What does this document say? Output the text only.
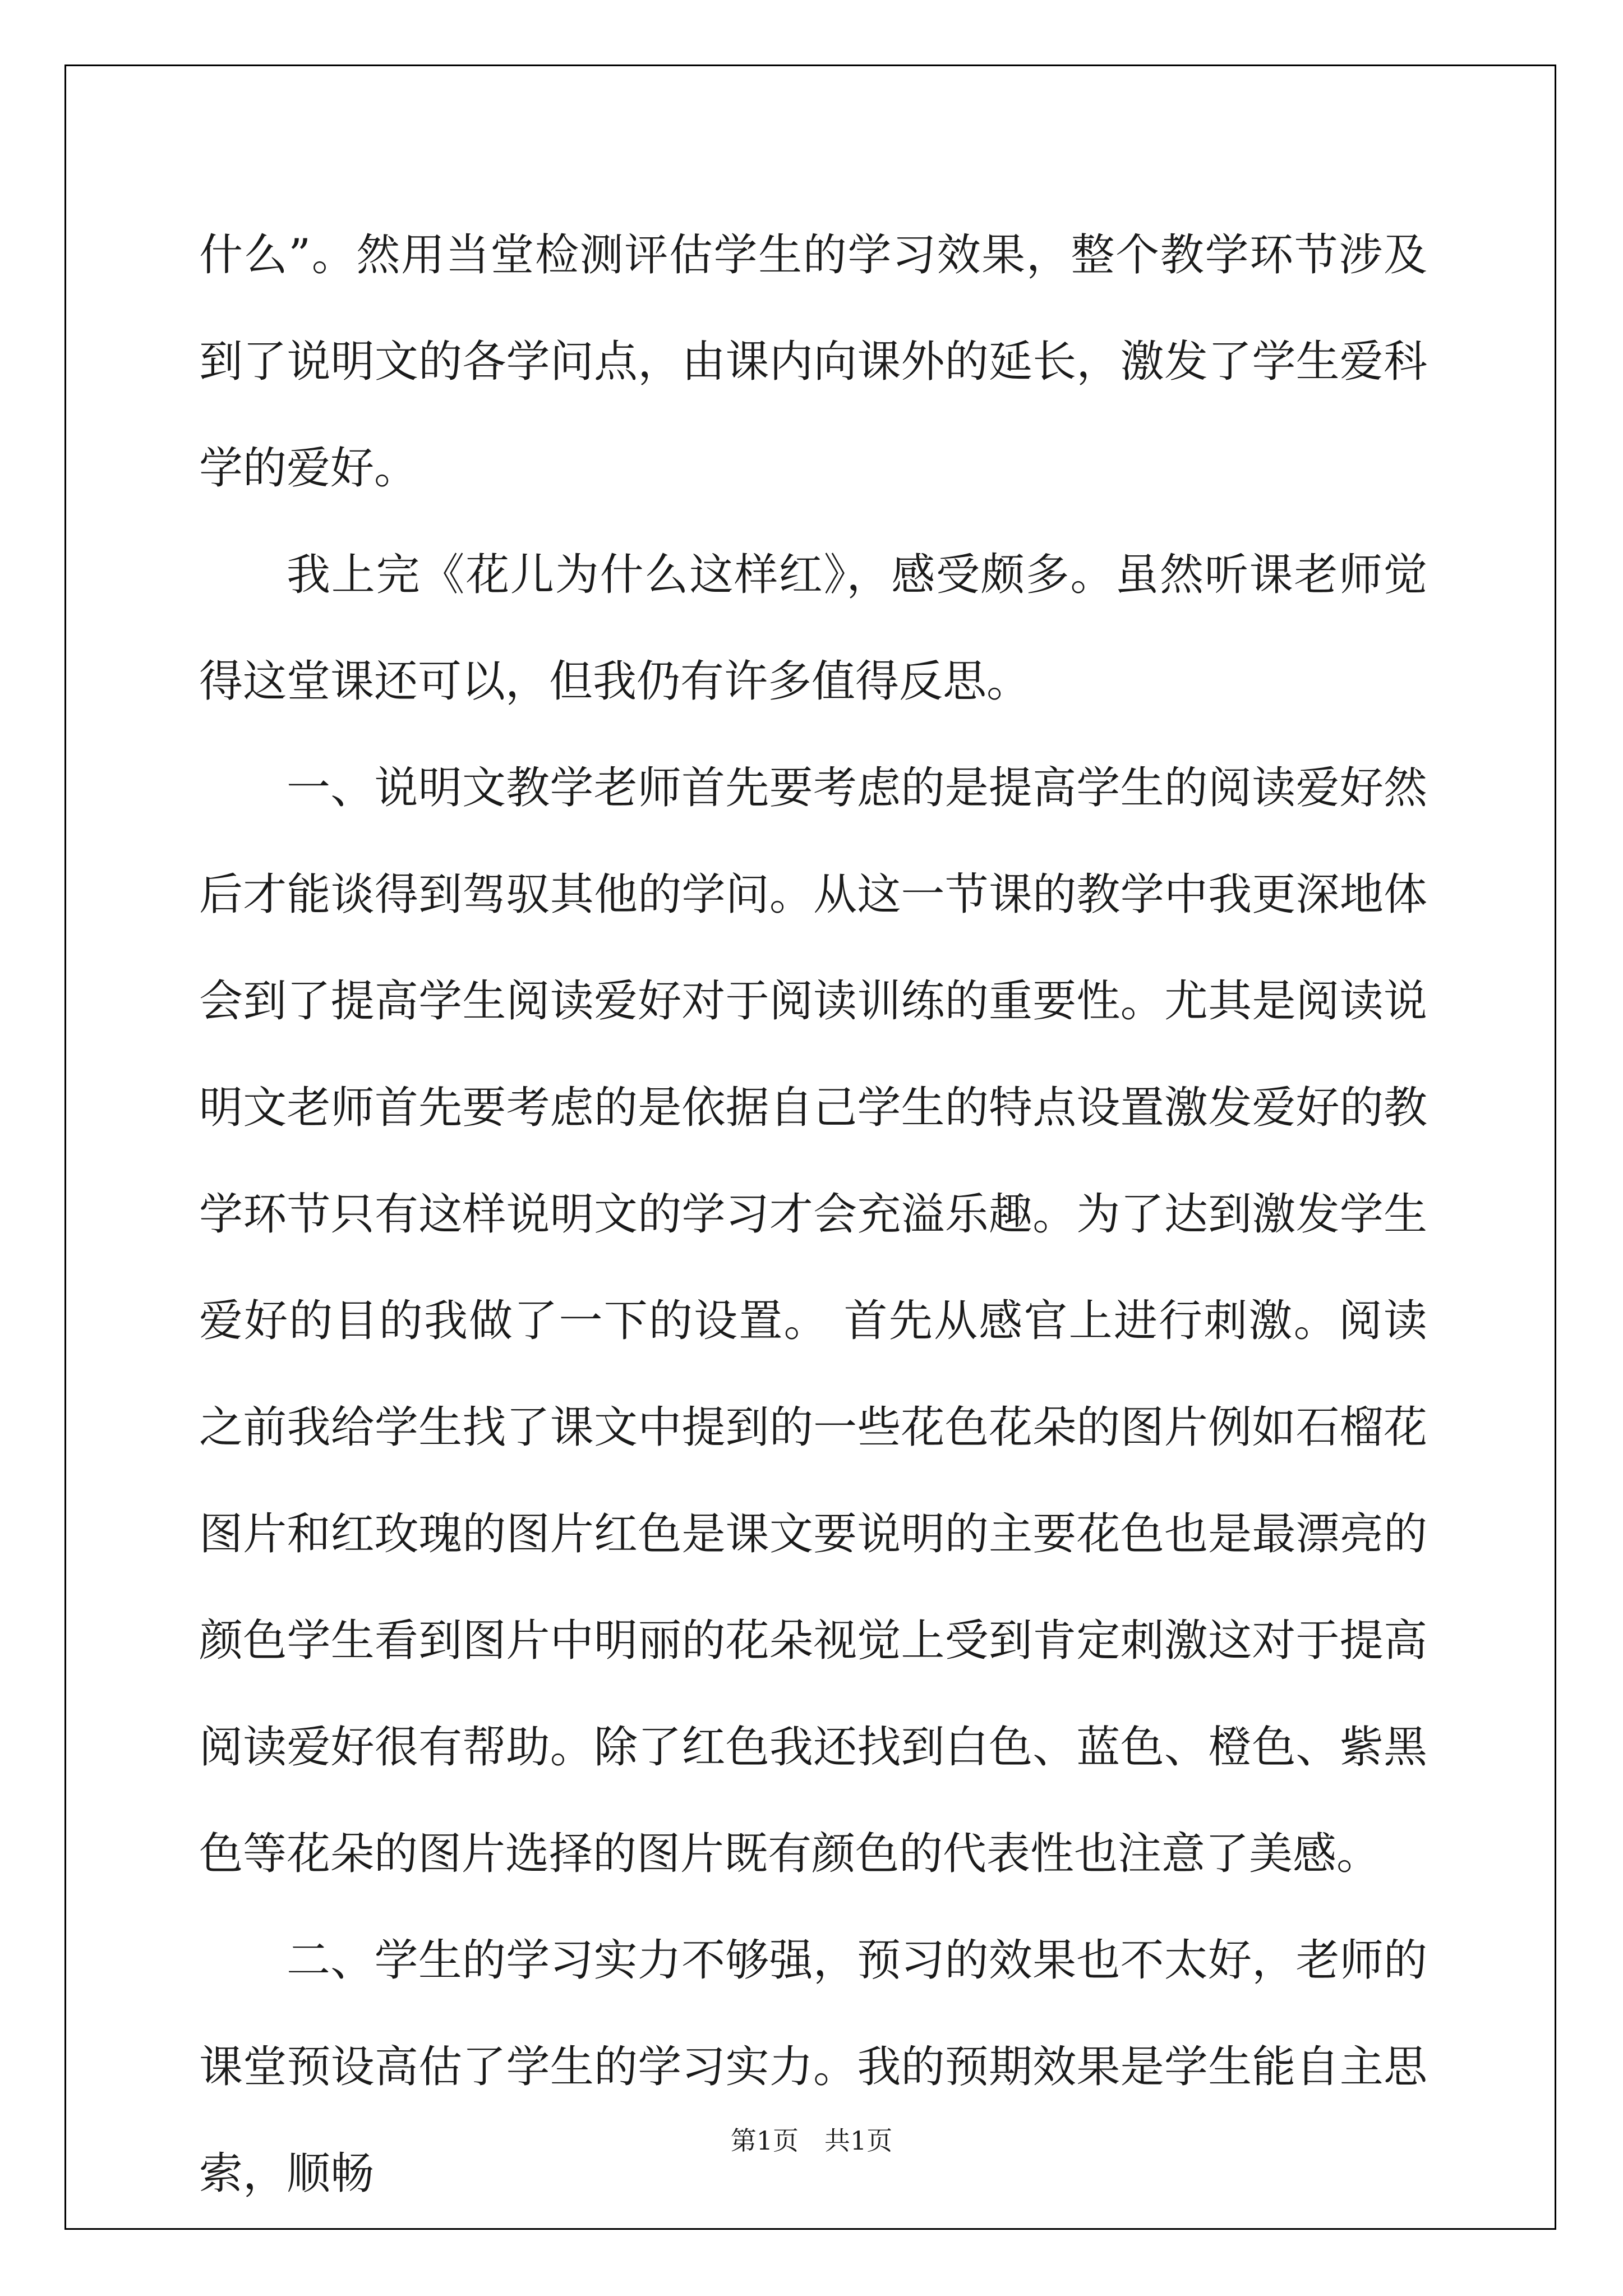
什么”。然用当堂检测评估学生的学习效果，整个教学环节涉及到了说明文的各学问点，由课内向课外的延长，激发了学生爱科学的爱好。

我上完《花儿为什么这样红》，感受颇多。虽然听课老师觉得这堂课还可以，但我仍有许多值得反思。

一、说明文教学老师首先要考虑的是提高学生的阅读爱好然后才能谈得到驾驭其他的学问。从这一节课的教学中我更深地体会到了提高学生阅读爱好对于阅读训练的重要性。尤其是阅读说明文老师首先要考虑的是依据自己学生的特点设置激发爱好的教学环节只有这样说明文的学习才会充溢乐趣。为了达到激发学生爱好的目的我做了一下的设置。 首先从感官上进行刺激。阅读之前我给学生找了课文中提到的一些花色花朵的图片例如石榴花图片和红玫瑰的图片红色是课文要说明的主要花色也是最漂亮的颜色学生看到图片中明丽的花朵视觉上受到肯定刺激这对于提高阅读爱好很有帮助。除了红色我还找到白色、蓝色、橙色、紫黑色等花朵的图片选择的图片既有颜色的代表性也注意了美感。

二、学生的学习实力不够强，预习的效果也不太好，老师的课堂预设高估了学生的学习实力。我的预期效果是学生能自主思索，顺畅

第1页　共1页
